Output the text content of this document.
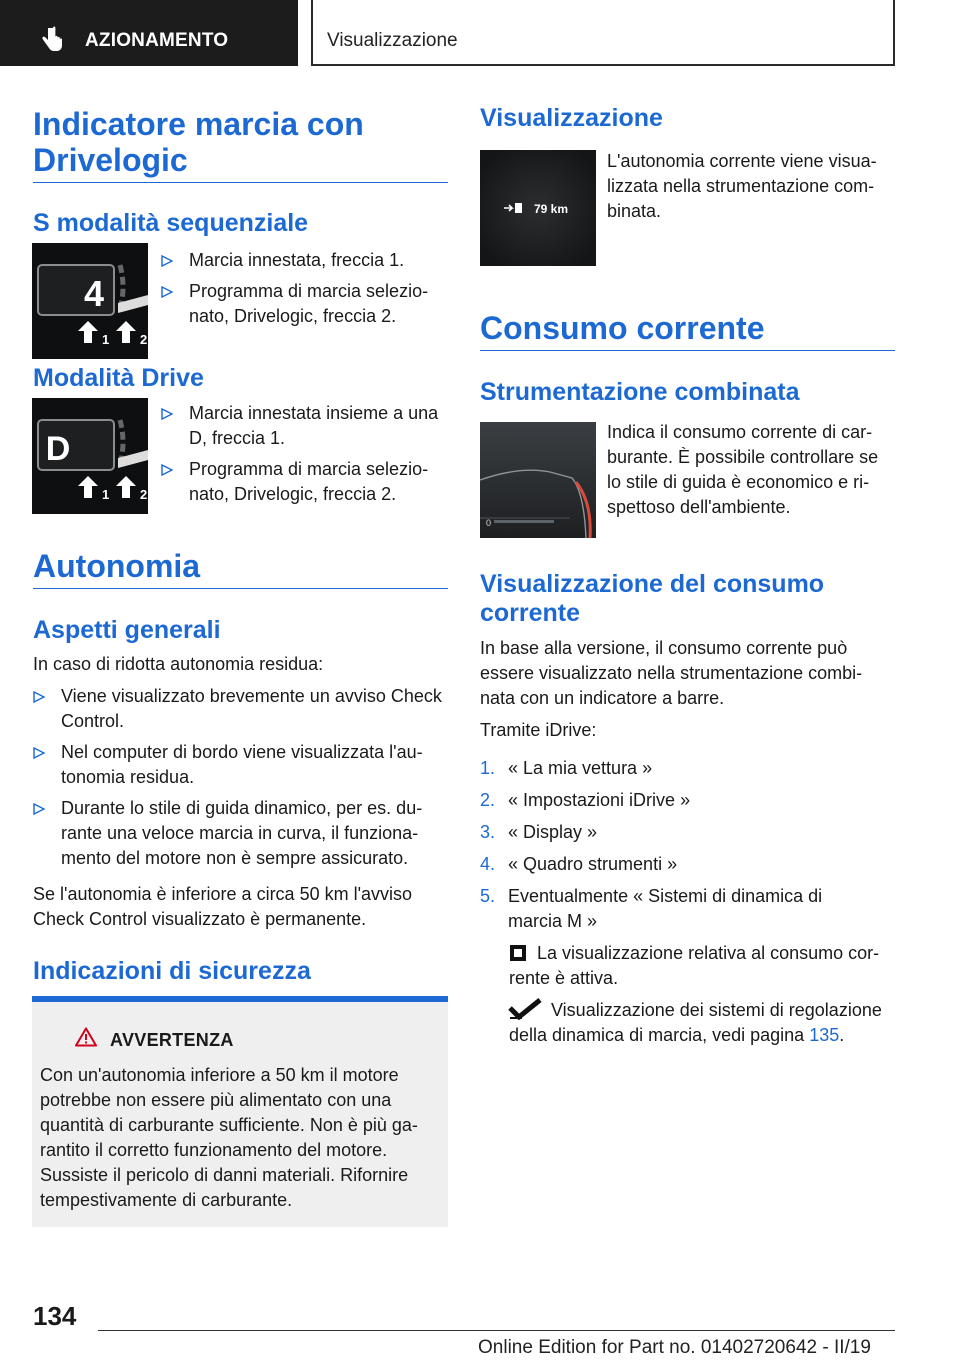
AZIONAMENTO	Visualizzazione
Indicatore marcia con Drivelogic
S modalità sequenziale
4
1 2
Marcia innestata, freccia 1.
Programma di marcia selezio-nato, Drivelogic, freccia 2.
Modalità Drive
D
1 2
Marcia innestata insieme a una D, freccia 1.
Programma di marcia selezio-nato, Drivelogic, freccia 2.
Autonomia
Aspetti generali
In caso di ridotta autonomia residua:
Viene visualizzato brevemente un avviso Check Control.
Nel computer di bordo viene visualizzata l'au-tonomia residua.
Durante lo stile di guida dinamico, per es. du-rante una veloce marcia in curva, il funziona-mento del motore non è sempre assicurato.
Se l'autonomia è inferiore a circa 50 km l'avviso Check Control visualizzato è permanente.
Indicazioni di sicurezza
AVVERTENZA
Con un'autonomia inferiore a 50 km il motore potrebbe non essere più alimentato con una quantità di carburante sufficiente. Non è più ga-rantito il corretto funzionamento del motore. Sussiste il pericolo di danni materiali. Rifornire tempestivamente di carburante.
Visualizzazione
79 km
L'autonomia corrente viene visua-lizzata nella strumentazione com-binata.
Consumo corrente
Strumentazione combinata
0
Indica il consumo corrente di car-burante. È possibile controllare se lo stile di guida è economico e ri-spettoso dell'ambiente.
Visualizzazione del consumo corrente
In base alla versione, il consumo corrente può essere visualizzato nella strumentazione combi-nata con un indicatore a barre.
Tramite iDrive:
1. « La mia vettura »
2. « Impostazioni iDrive »
3. « Display »
4. « Quadro strumenti »
5. Eventualmente « Sistemi di dinamica di marcia M »
La visualizzazione relativa al consumo cor-rente è attiva.
Visualizzazione dei sistemi di regolazione della dinamica di marcia, vedi pagina 135.
134
Online Edition for Part no. 01402720642 - II/19
